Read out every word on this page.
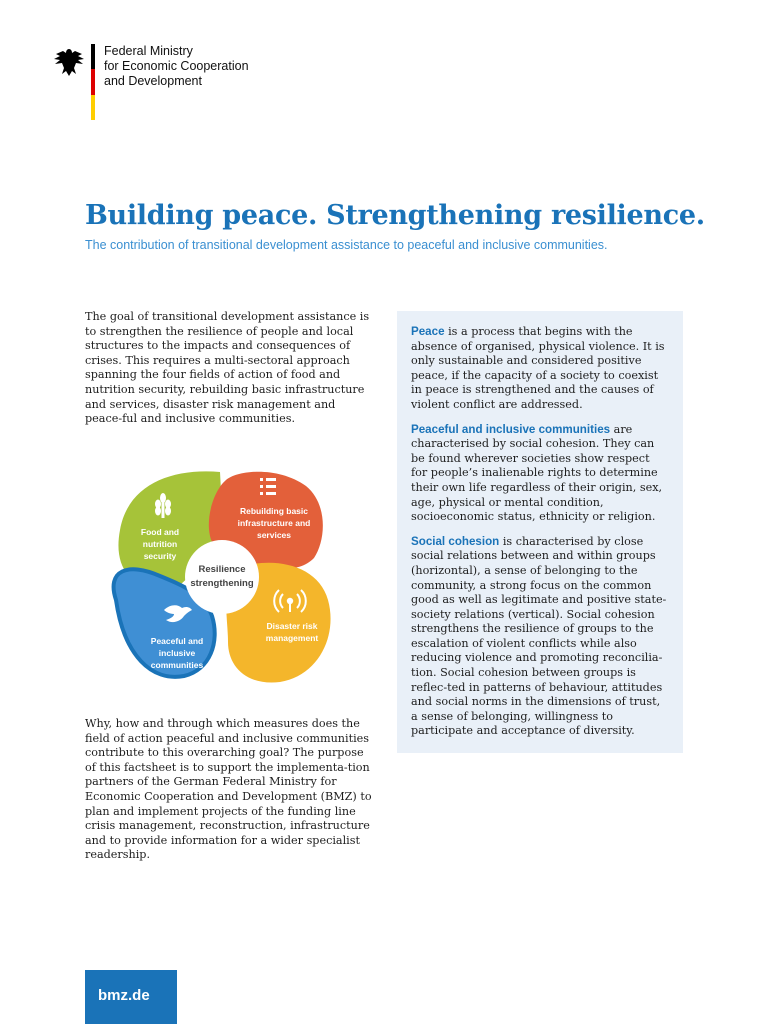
Federal Ministry
for Economic Cooperation
and Development
Building peace. Strengthening resilience.
The contribution of transitional development assistance to peaceful and inclusive communities.

The goal of transitional development assistance is to strengthen the resilience of people and local structures to the impacts and consequences of crises. This requires a multi-sectoral approach spanning the four fields of action of food and nutrition security, rebuilding basic infrastructure and services, disaster risk management and peace-ful and inclusive communities.

Food and
nutrition
security
Rebuilding basic
infrastructure and
services
Peaceful and
inclusive
communities
Disaster risk
management
Resilience
strengthening

Why, how and through which measures does the field of action peaceful and inclusive communities contribute to this overarching goal? The purpose of this factsheet is to support the implementa-tion partners of the German Federal Ministry for Economic Cooperation and Development (BMZ) to plan and implement projects of the funding line crisis management, reconstruction, infrastructure and to provide information for a wider specialist readership.

Peace is a process that begins with the absence of organised, physical violence. It is only sustainable and considered positive peace, if the capacity of a society to coexist in peace is strengthened and the causes of violent conflict are addressed.

Peaceful and inclusive communities are characterised by social cohesion. They can be found wherever societies show respect for people’s inalienable rights to determine their own life regardless of their origin, sex, age, physical or mental condition, socioeconomic status, ethnicity or religion.

Social cohesion is characterised by close social relations between and within groups (horizontal), a sense of belonging to the community, a strong focus on the common good as well as legitimate and positive state-society relations (vertical). Social cohesion strengthens the resilience of groups to the escalation of violent conflicts while also reducing violence and promoting reconcilia-tion. Social cohesion between groups is reflec-ted in patterns of behaviour, attitudes and social norms in the dimensions of trust, a sense of belonging, willingness to participate and acceptance of diversity.

bmz.de
